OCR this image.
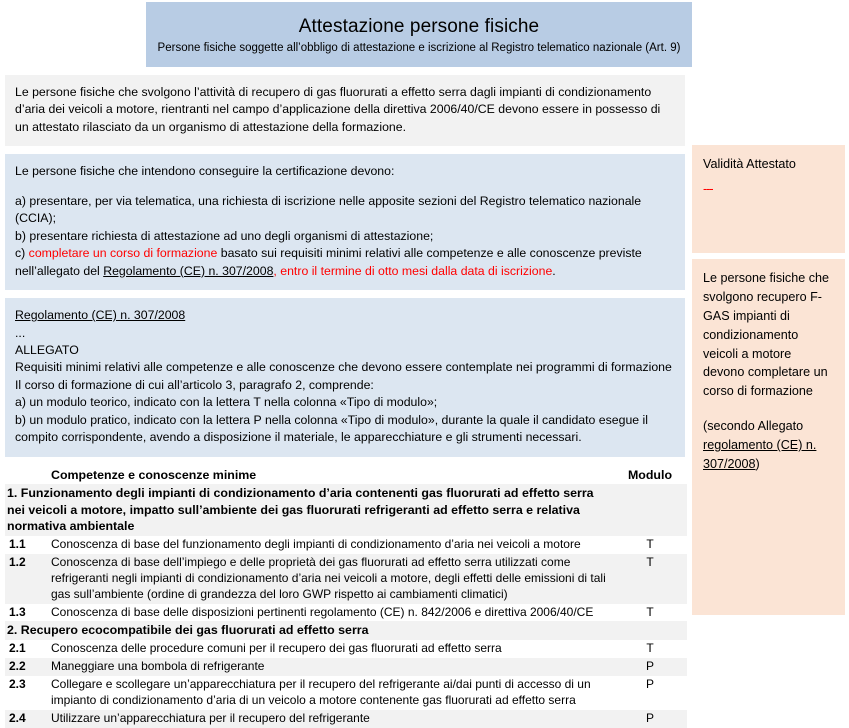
Attestazione persone fisiche
Persone fisiche soggette all’obbligo di attestazione e iscrizione al Registro telematico nazionale (Art. 9)

Le persone fisiche che svolgono l’attività di recupero di gas fluorurati a effetto serra dagli impianti di condizionamento d’aria dei veicoli a motore, rientranti nel campo d’applicazione della direttiva 2006/40/CE devono essere in possesso di un attestato rilasciato da un organismo di attestazione della formazione.

Le persone fisiche che intendono conseguire la certificazione devono:

a) presentare, per via telematica, una richiesta di iscrizione nelle apposite sezioni del Registro telematico nazionale (CCIA);

b) presentare richiesta di attestazione ad uno degli organismi di attestazione;

c) completare un corso di formazione basato sui requisiti minimi relativi alle competenze e alle conoscenze previste nell’allegato del Regolamento (CE) n. 307/2008, entro il termine di otto mesi dalla data di iscrizione.

Regolamento (CE) n. 307/2008

...

ALLEGATO

Requisiti minimi relativi alle competenze e alle conoscenze che devono essere contemplate nei programmi di formazione Il corso di formazione di cui all’articolo 3, paragrafo 2, comprende:

a) un modulo teorico, indicato con la lettera T nella colonna «Tipo di modulo»;

b) un modulo pratico, indicato con la lettera P nella colonna «Tipo di modulo», durante la quale il candidato esegue il compito corrispondente, avendo a disposizione il materiale, le apparecchiature e gli strumenti necessari.

	Competenze e conoscenze minime	Modulo
1. Funzionamento degli impianti di condizionamento d’aria contenenti gas fluorurati ad effetto serra nei veicoli a motore, impatto sull’ambiente dei gas fluorurati refrigeranti ad effetto serra e relativa normativa ambientale		
1.1	Conoscenza di base del funzionamento degli impianti di condizionamento d’aria nei veicoli a motore	T
1.2	Conoscenza di base dell’impiego e delle proprietà dei gas fluorurati ad effetto serra utilizzati come refrigeranti negli impianti di condizionamento d’aria nei veicoli a motore, degli effetti delle emissioni di tali gas sull’ambiente (ordine di grandezza del loro GWP rispetto ai cambiamenti climatici)	T
1.3	Conoscenza di base delle disposizioni pertinenti regolamento (CE) n. 842/2006 e direttiva 2006/40/CE	T
2. Recupero ecocompatibile dei gas fluorurati ad effetto serra		
2.1	Conoscenza delle procedure comuni per il recupero dei gas fluorurati ad effetto serra	T
2.2	Maneggiare una bombola di refrigerante	P
2.3	Collegare e scollegare un’apparecchiatura per il recupero del refrigerante ai/dai punti di accesso di un impianto di condizionamento d’aria di un veicolo a motore contenente gas fluorurati ad effetto serra	P
2.4	Utilizzare un’apparecchiatura per il recupero del refrigerante	P

Validità Attestato

---

Le persone fisiche che svolgono recupero F-GAS impianti di condizionamento veicoli a motore devono completare un corso di formazione

(secondo Allegato regolamento (CE) n. 307/2008)
